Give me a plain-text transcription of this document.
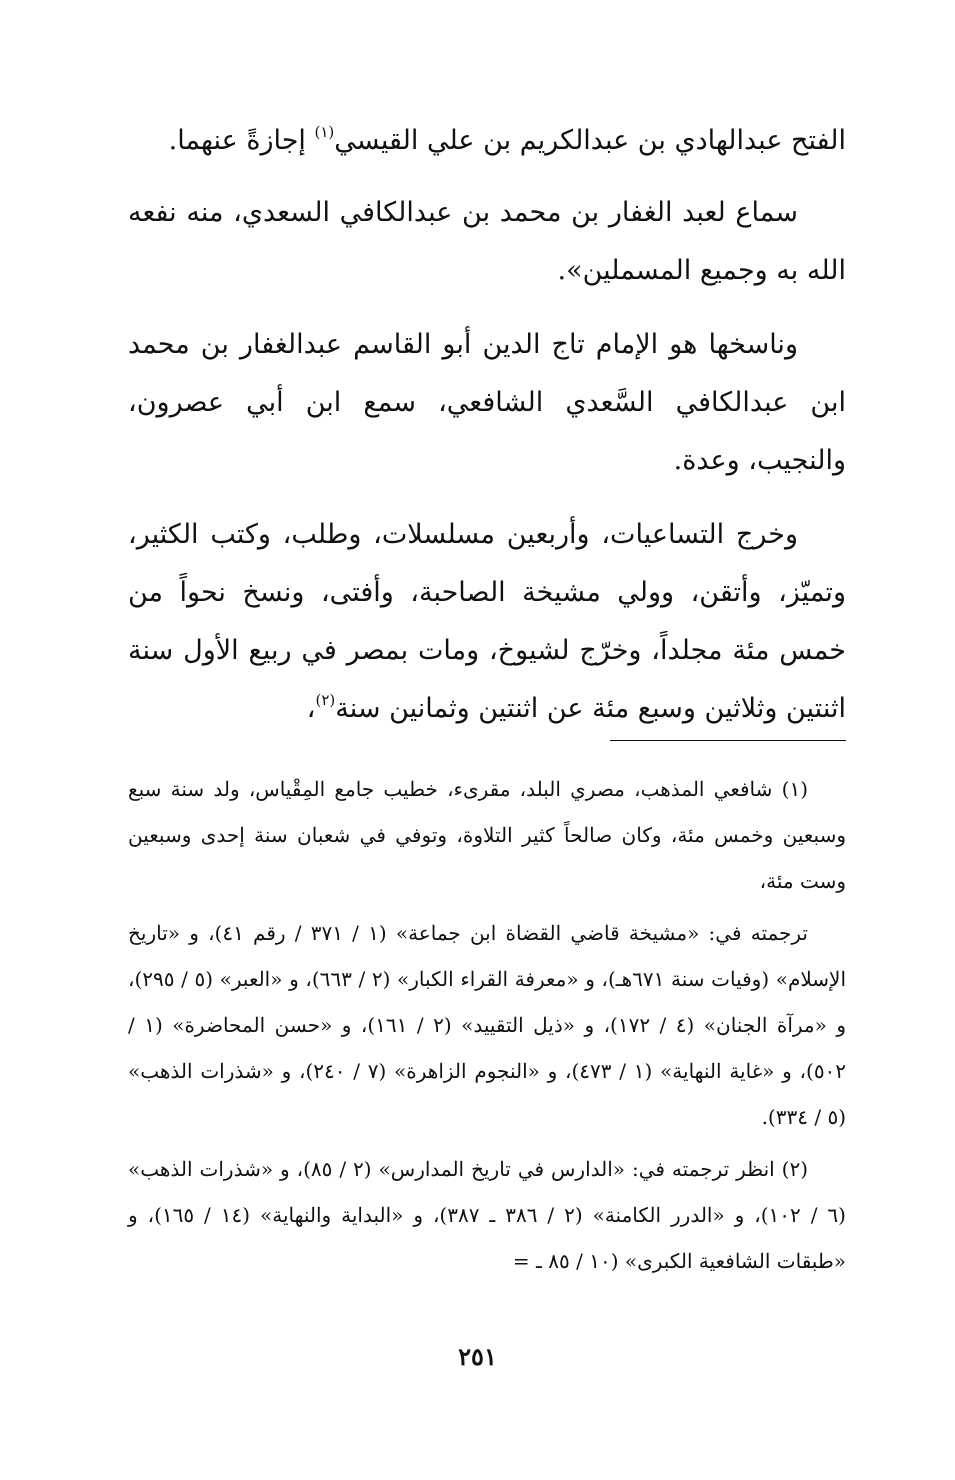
الفتح عبدالهادي بن عبدالكريم بن علي القيسي$^{(١)}$ إجازةً عنهما.

سماع لعبد الغفار بن محمد بن عبدالكافي السعدي، منه نفعه الله به وجميع المسملين».

وناسخها هو الإمام تاج الدين أبو القاسم عبدالغفار بن محمد ابن عبدالكافي السَّعدي الشافعي، سمع ابن أبي عصرون، والنجيب، وعدة.

وخرج التساعيات، وأربعين مسلسلات، وطلب، وكتب الكثير، وتميّز، وأتقن، وولي مشيخة الصاحبة، وأفتى، ونسخ نحواً من خمس مئة مجلداً، وخرّج لشيوخ، ومات بمصر في ربيع الأول سنة اثنتين وثلاثين وسبع مئة عن اثنتين وثمانين سنة$^{(٢)}$،

(١) شافعي المذهب، مصري البلد، مقرىء، خطيب جامع المِقْياس، ولد سنة سبع وسبعين وخمس مئة، وكان صالحاً كثير التلاوة، وتوفي في شعبان سنة إحدى وسبعين وست مئة،

ترجمته في: «مشيخة قاضي القضاة ابن جماعة» (١ / ٣٧١ / رقم ٤١)، و «تاريخ الإسلام» (وفيات سنة ٦٧١هـ)، و «معرفة القراء الكبار» (٢ / ٦٦٣)، و «العبر» (٥ / ٢٩٥)، و «مرآة الجنان» (٤ / ١٧٢)، و «ذيل التقييد» (٢ / ١٦١)، و «حسن المحاضرة» (١ / ٥٠٢)، و «غاية النهاية» (١ / ٤٧٣)، و «النجوم الزاهرة» (٧ / ٢٤٠)، و «شذرات الذهب» (٥ / ٣٣٤).

(٢) انظر ترجمته في: «الدارس في تاريخ المدارس» (٢ / ٨٥)، و «شذرات الذهب» (٦ / ١٠٢)، و «الدرر الكامنة» (٢ / ٣٨٦ ـ ٣٨٧)، و «البداية والنهاية» (١٤ / ١٦٥)، و «طبقات الشافعية الكبرى» (١٠ / ٨٥ ـ =

٢٥١
